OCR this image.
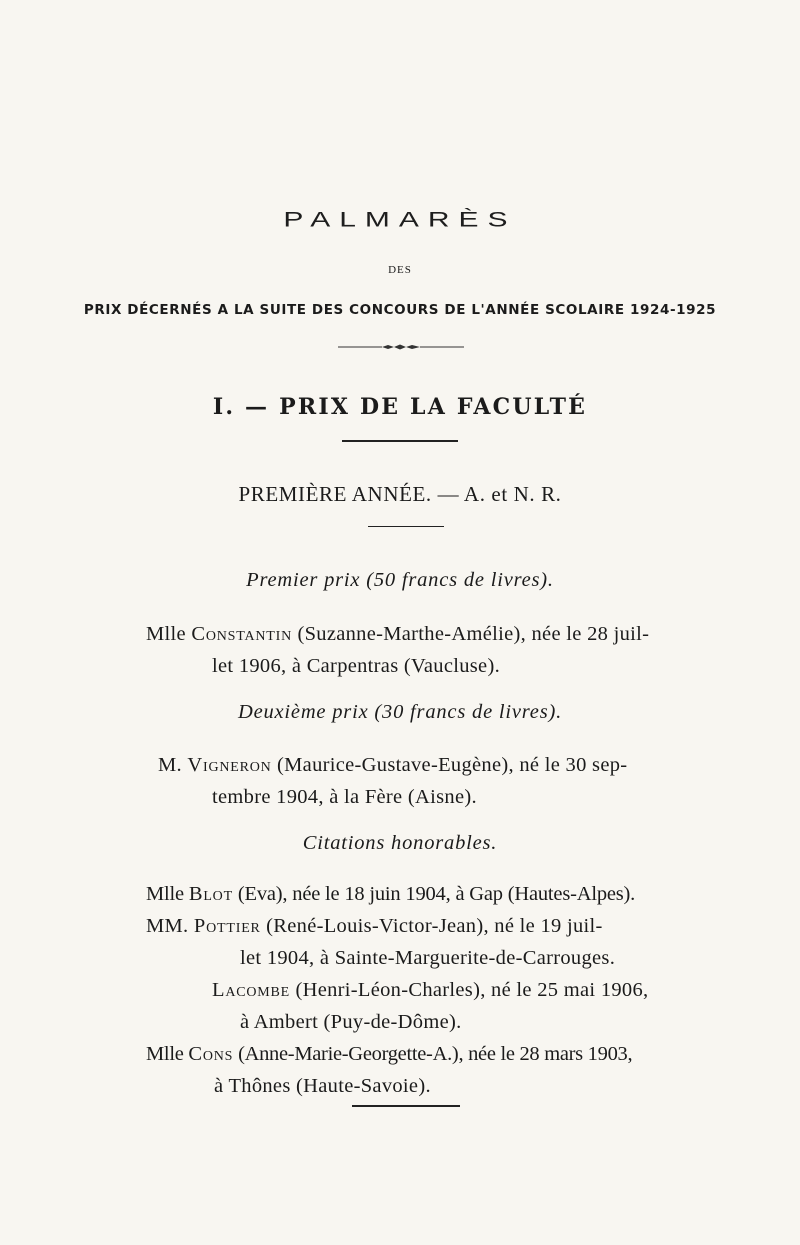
PALMARÈS
DES
PRIX DÉCERNÉS A LA SUITE DES CONCOURS DE L'ANNÉE SCOLAIRE 1924-1925
I. — PRIX DE LA FACULTÉ
PREMIÈRE ANNÉE. — A. et N. R.
Premier prix (50 francs de livres).
Mlle Constantin (Suzanne-Marthe-Amélie), née le 28 juil-
let 1906, à Carpentras (Vaucluse).
Deuxième prix (30 francs de livres).
M. Vigneron (Maurice-Gustave-Eugène), né le 30 sep-
tembre 1904, à la Fère (Aisne).
Citations honorables.
Mlle Blot (Eva), née le 18 juin 1904, à Gap (Hautes-Alpes).
MM. Pottier (René-Louis-Victor-Jean), né le 19 juil-
let 1904, à Sainte-Marguerite-de-Carrouges.
Lacombe (Henri-Léon-Charles), né le 25 mai 1906,
à Ambert (Puy-de-Dôme).
Mlle Cons (Anne-Marie-Georgette-A.), née le 28 mars 1903,
à Thônes (Haute-Savoie).
